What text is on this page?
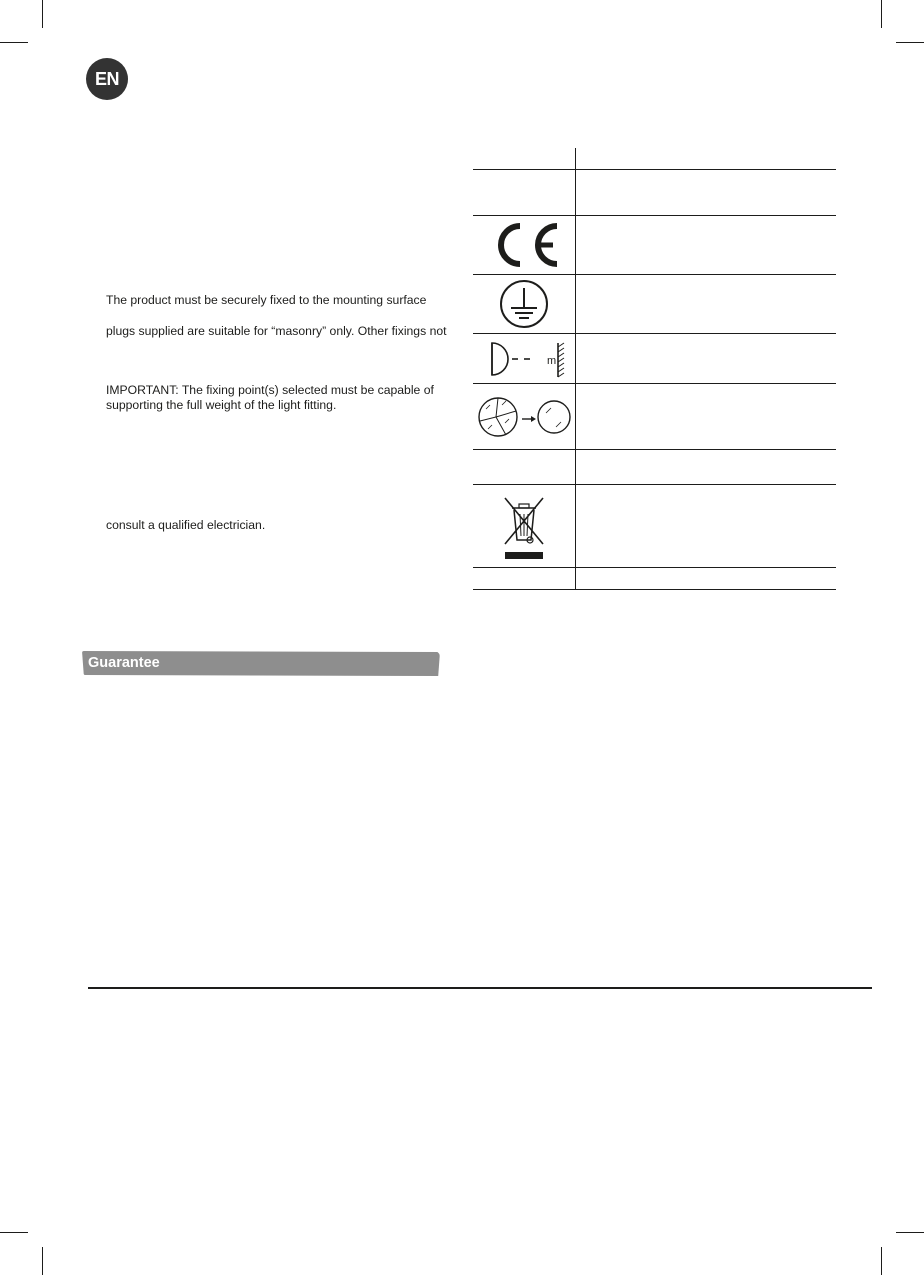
EN

The product must be securely fixed to the mounting surface

plugs supplied are suitable for “masonry” only. Other fixings not

IMPORTANT: The fixing point(s) selected must be capable of

supporting the full weight of the light fitting.

consult a qualified electrician.

Guarantee
m
